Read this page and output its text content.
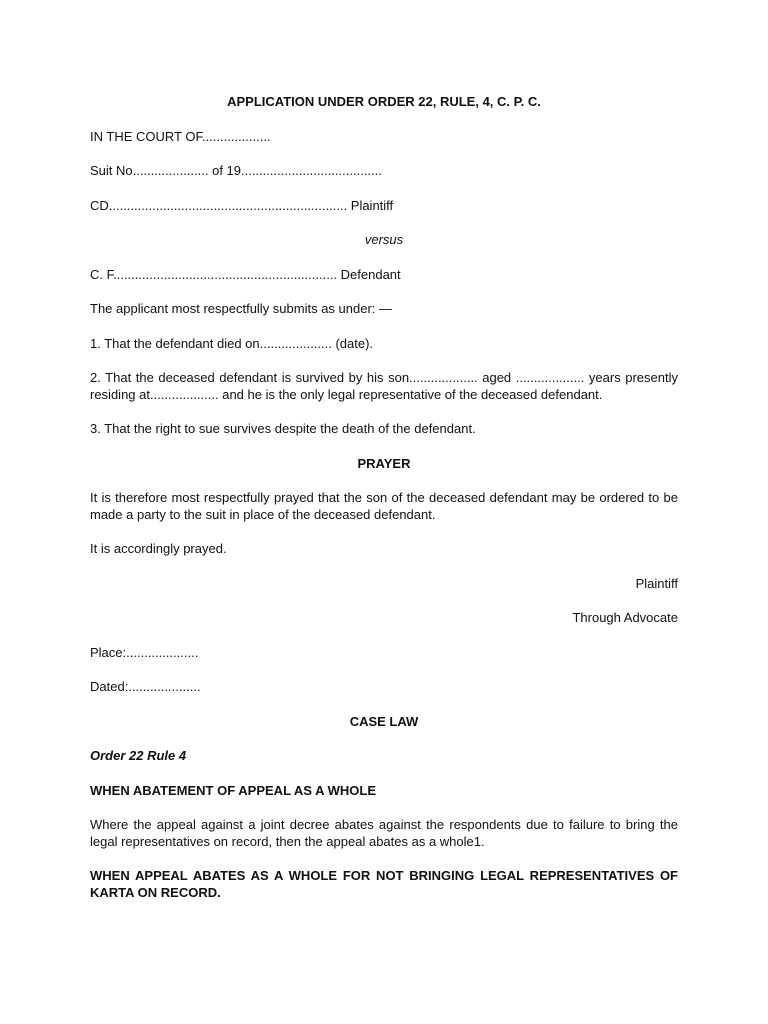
APPLICATION UNDER ORDER 22, RULE, 4, C. P. C.

IN THE COURT OF...................

Suit No..................... of 19.......................................

CD.................................................................. Plaintiff

versus

C. F.............................................................. Defendant

The applicant most respectfully submits as under: —

1. That the defendant died on.................... (date).

2. That the deceased defendant is survived by his son................... aged ................... years presently residing at................... and he is the only legal representative of the deceased defendant.

3. That the right to sue survives despite the death of the defendant.

PRAYER

It is therefore most respectfully prayed that the son of the deceased defendant may be ordered to be made a party to the suit in place of the deceased defendant.

It is accordingly prayed.

Plaintiff

Through Advocate

Place:....................

Dated:....................

CASE LAW

Order 22 Rule 4

WHEN ABATEMENT OF APPEAL AS A WHOLE

Where the appeal against a joint decree abates against the respondents due to failure to bring the legal representatives on record, then the appeal abates as a whole1.

WHEN APPEAL ABATES AS A WHOLE FOR NOT BRINGING LEGAL REPRESENTATIVES OF KARTA ON RECORD.
